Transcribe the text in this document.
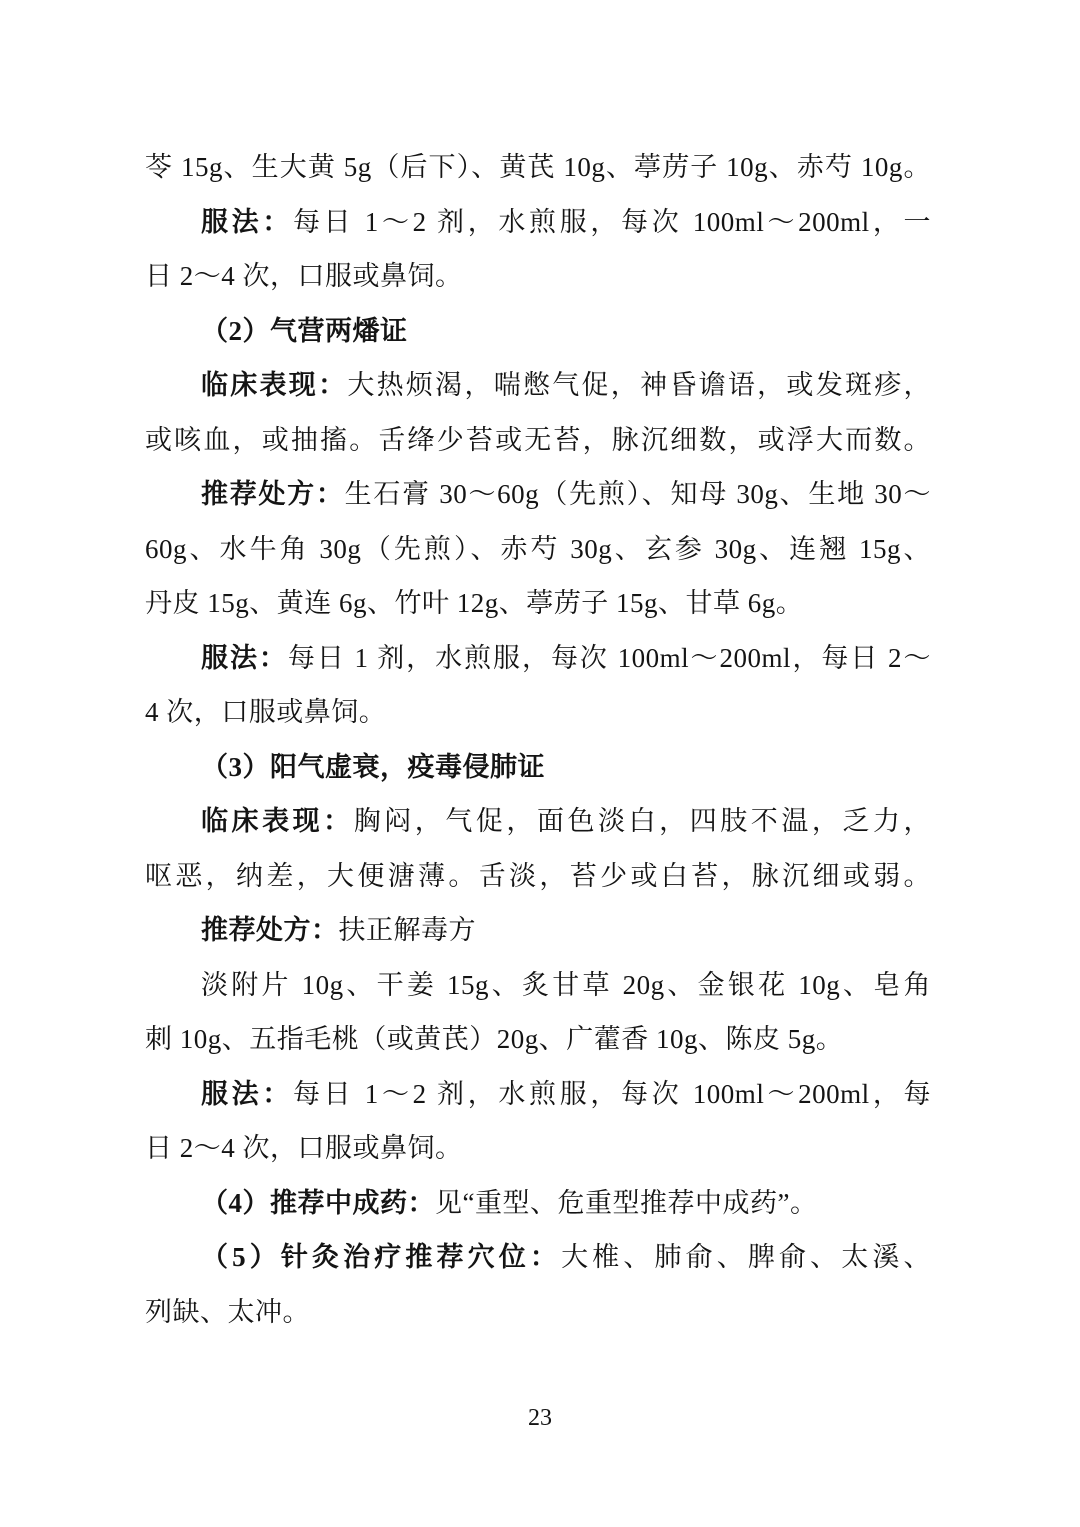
苓 15g、生大黄 5g（后下）、黄芪 10g、葶苈子 10g、赤芍 10g。
服法：每日 1～2 剂，水煎服，每次 100ml～200ml，一
日 2～4 次，口服或鼻饲。
（2）气营两燔证
临床表现：大热烦渴，喘憋气促，神昏谵语，或发斑疹，
或咳血，或抽搐。舌绛少苔或无苔，脉沉细数，或浮大而数。
推荐处方：生石膏 30～60g（先煎）、知母 30g、生地 30～
60g、水牛角 30g（先煎）、赤芍 30g、玄参 30g、连翘 15g、
丹皮 15g、黄连 6g、竹叶 12g、葶苈子 15g、甘草 6g。
服法：每日 1 剂，水煎服，每次 100ml～200ml，每日 2～
4 次，口服或鼻饲。
（3）阳气虚衰，疫毒侵肺证
临床表现：胸闷，气促，面色淡白，四肢不温，乏力，
呕恶，纳差，大便溏薄。舌淡，苔少或白苔，脉沉细或弱。
推荐处方：扶正解毒方
淡附片 10g、干姜 15g、炙甘草 20g、金银花 10g、皂角
刺 10g、五指毛桃（或黄芪）20g、广藿香 10g、陈皮 5g。
服法：每日 1～2 剂，水煎服，每次 100ml～200ml，每
日 2～4 次，口服或鼻饲。
（4）推荐中成药：见“重型、危重型推荐中成药”。
（5）针灸治疗推荐穴位：大椎、肺俞、脾俞、太溪、
列缺、太冲。
23
